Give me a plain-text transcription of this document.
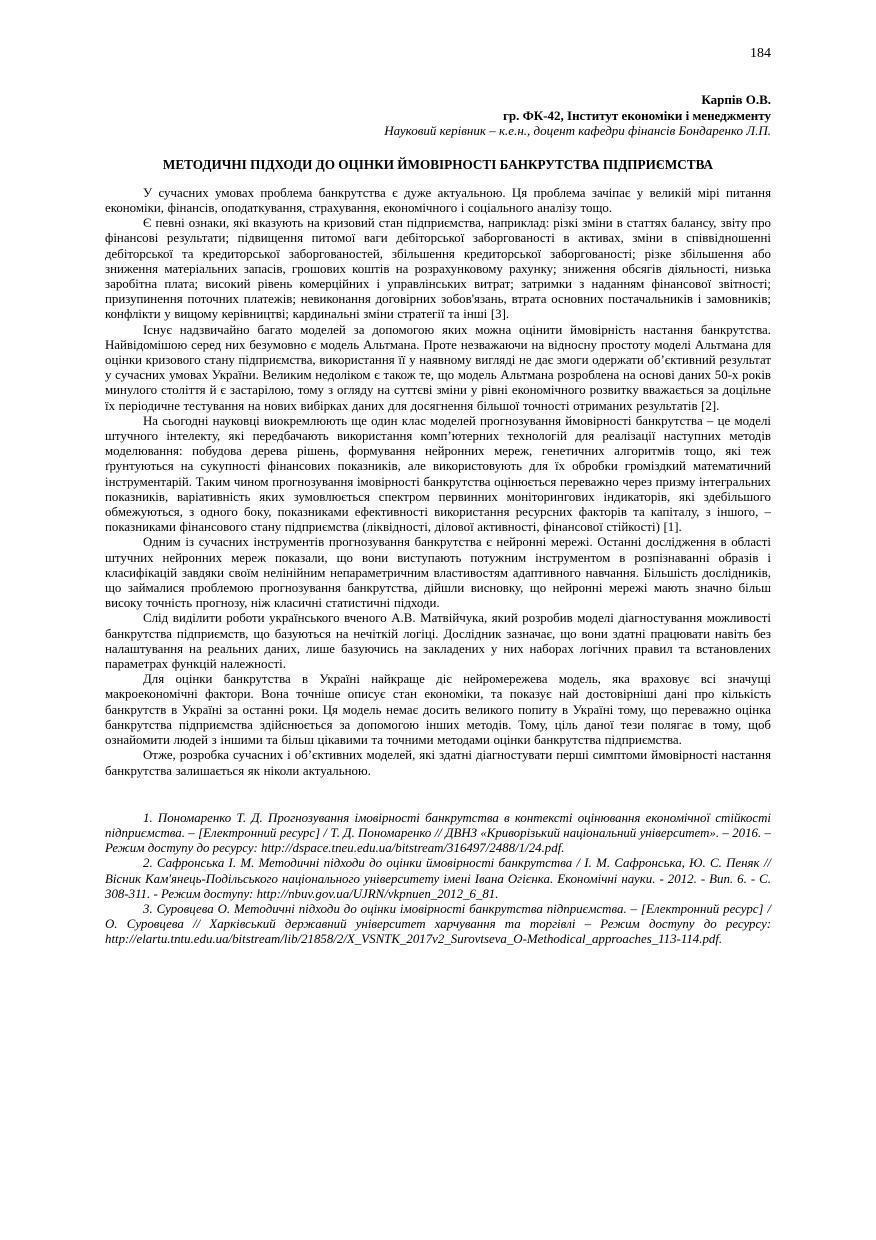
184
Карпів О.В.
гр. ФК-42, Інститут економіки і менеджменту
Науковий керівник – к.е.н., доцент кафедри фінансів Бондаренко Л.П.
МЕТОДИЧНІ ПІДХОДИ ДО ОЦІНКИ ЙМОВІРНОСТІ БАНКРУТСТВА ПІДПРИЄМСТВА

У сучасних умовах проблема банкрутства є дуже актуальною. Ця проблема зачіпає у великій мірі питання економіки, фінансів, оподаткування, страхування, економічного і соціального аналізу тощо.

Є певні ознаки, які вказують на кризовий стан підприємства, наприклад: різкі зміни в статтях балансу, звіту про фінансові результати; підвищення питомої ваги дебіторської заборгованості в активах, зміни в співвідношенні дебіторської та кредиторської заборгованостей, збільшення кредиторської заборгованості; різке збільшення або зниження матеріальних запасів, грошових коштів на розрахунковому рахунку; зниження обсягів діяльності, низька заробітна плата; високий рівень комерційних і управлінських витрат; затримки з наданням фінансової звітності; призупинення поточних платежів; невиконання договірних зобов'язань, втрата основних постачальників і замовників; конфлікти у вищому керівництві; кардинальні зміни стратегії та інші [3].

Існує надзвичайно багато моделей за допомогою яких можна оцінити ймовірність настання банкрутства. Найвідомішою серед них безумовно є модель Альтмана. Проте незважаючи на відносну простоту моделі Альтмана для оцінки кризового стану підприємства, використання її у наявному вигляді не дає змоги одержати об’єктивний результат у сучасних умовах України. Великим недоліком є також те, що модель Альтмана розроблена на основі даних 50-х років минулого століття й є застарілою, тому з огляду на суттєві зміни у рівні економічного розвитку вважається за доцільне їх періодичне тестування на нових вибірках даних для досягнення більшої точності отриманих результатів [2].

На сьогодні науковці виокремлюють ще один клас моделей прогнозування ймовірності банкрутства – це моделі штучного інтелекту, які передбачають використання комп’ютерних технологій для реалізації наступних методів моделювання: побудова дерева рішень, формування нейронних мереж, генетичних алгоритмів тощо, які теж ґрунтуються на сукупності фінансових показників, але використовують для їх обробки громіздкий математичний інструментарій. Таким чином прогнозування імовірності банкрутства оцінюється переважно через призму інтегральних показників, варіативність яких зумовлюється спектром первинних моніторингових індикаторів, які здебільшого обмежуються, з одного боку, показниками ефективності використання ресурсних факторів та капіталу, з іншого, – показниками фінансового стану підприємства (ліквідності, ділової активності, фінансової стійкості) [1].

Одним із сучасних інструментів прогнозування банкрутства є нейронні мережі. Останні дослідження в області штучних нейронних мереж показали, що вони виступають потужним інструментом в розпізнаванні образів і класифікацій завдяки своїм нелінійним непараметричним властивостям адаптивного навчання. Більшість дослідників, що займалися проблемою прогнозування банкрутства, дійшли висновку, що нейронні мережі мають значно більш високу точність прогнозу, ніж класичні статистичні підходи.

Слід виділити роботи українського вченого А.В. Матвійчука, який розробив моделі діагностування можливості банкрутства підприємств, що базуються на нечіткій логіці. Дослідник зазначає, що вони здатні працювати навіть без налаштування на реальних даних, лише базуючись на закладених у них наборах логічних правил та встановлених параметрах функцій належності.

Для оцінки банкрутства в Україні найкраще діє нейромережева модель, яка враховує всі значущі макроекономічні фактори. Вона точніше описує стан економіки, та показує най достовірніші дані про кількість банкрутств в Україні за останні роки. Ця модель немає досить великого попиту в Україні тому, що переважно оцінка банкрутства підприємства здійснюється за допомогою інших методів. Тому, ціль даної тези полягає в тому, щоб ознайомити людей з іншими та більш цікавими та точними методами оцінки банкрутства підприємства.

Отже, розробка сучасних і об’єктивних моделей, які здатні діагностувати перші симптоми ймовірності настання банкрутства залишається як ніколи актуальною.

1. Пономаренко Т. Д. Прогнозування імовірності банкрутства в контексті оцінювання економічної стійкості підприємства. – [Електронний ресурс] / Т. Д. Пономаренко // ДВНЗ «Криворізький національний університет». – 2016. – Режим доступу до ресурсу: http://dspace.tneu.edu.ua/bitstream/316497/2488/1/24.pdf.

2. Сафронська І. М. Методичні підходи до оцінки ймовірності банкрутства / І. М. Сафронська, Ю. С. Пеняк // Вісник Кам'янець-Подільського національного університету імені Івана Огієнка. Економічні науки. - 2012. - Вип. 6. - С. 308-311. - Режим доступу: http://nbuv.gov.ua/UJRN/vkpnuen_2012_6_81.

3. Суровцева О. Методичні підходи до оцінки імовірності банкрутства підприємства. – [Електронний ресурс] / О. Суровцева // Харківський державний університет харчування та торгівлі – Режим доступу до ресурсу: http://elartu.tntu.edu.ua/bitstream/lib/21858/2/X_VSNTK_2017v2_Surovtseva_O-Methodical_approaches_113-114.pdf.
